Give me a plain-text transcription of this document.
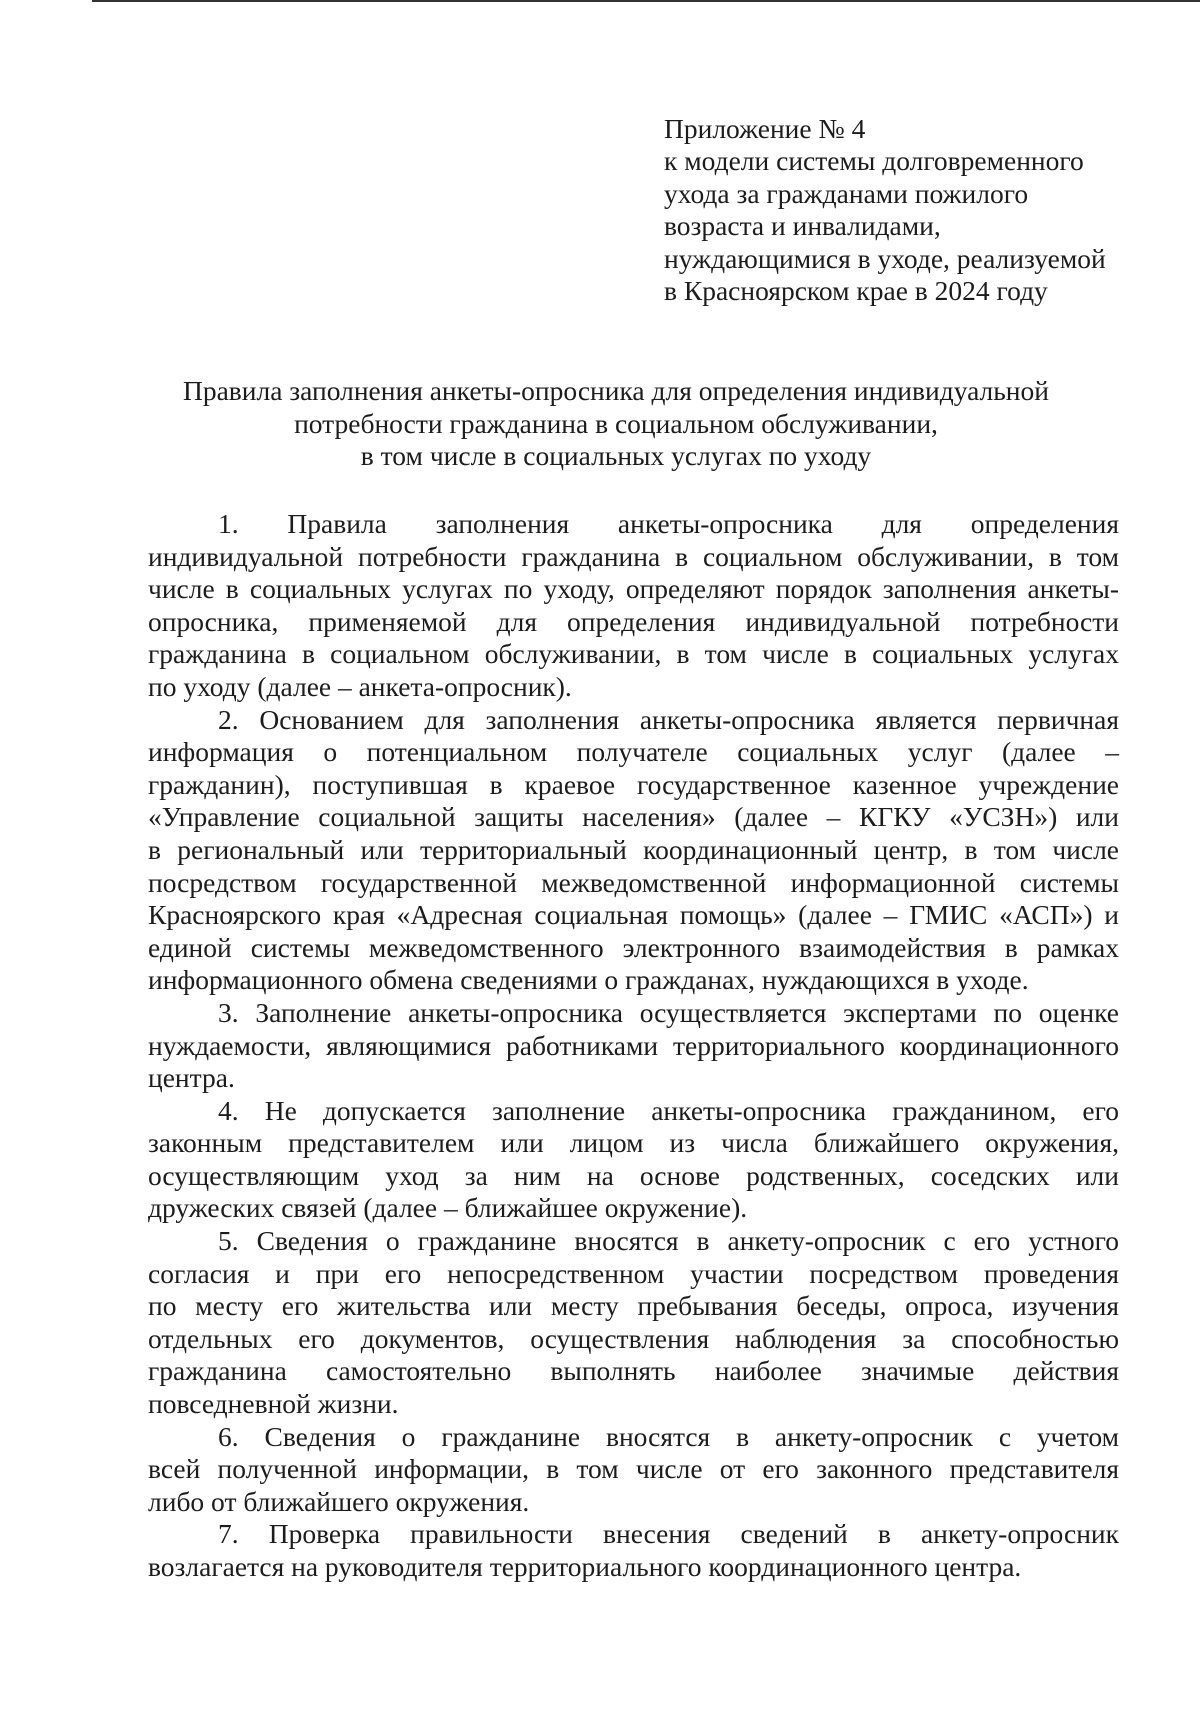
Приложение № 4
к модели системы долговременного
ухода за гражданами пожилого
возраста и инвалидами,
нуждающимися в уходе, реализуемой
в Красноярском крае в 2024 году
Правила заполнения анкеты-опросника для определения индивидуальной
потребности гражданина в социальном обслуживании,
в том числе в социальных услугах по уходу

1. Правила заполнения анкеты-опросника для определения
индивидуальной потребности гражданина в социальном обслуживании, в том
числе в социальных услугах по уходу, определяют порядок заполнения анкеты-
опросника, применяемой для определения индивидуальной потребности
гражданина в социальном обслуживании, в том числе в социальных услугах
по уходу (далее – анкета-опросник).

2. Основанием для заполнения анкеты-опросника является первичная
информация о потенциальном получателе социальных услуг (далее –
гражданин), поступившая в краевое государственное казенное учреждение
«Управление социальной защиты населения» (далее – КГКУ «УСЗН») или
в региональный или территориальный координационный центр, в том числе
посредством государственной межведомственной информационной системы
Красноярского края «Адресная социальная помощь» (далее – ГМИС «АСП») и
единой системы межведомственного электронного взаимодействия в рамках
информационного обмена сведениями о гражданах, нуждающихся в уходе.

3. Заполнение анкеты-опросника осуществляется экспертами по оценке
нуждаемости, являющимися работниками территориального координационного
центра.

4. Не допускается заполнение анкеты-опросника гражданином, его
законным представителем или лицом из числа ближайшего окружения,
осуществляющим уход за ним на основе родственных, соседских или
дружеских связей (далее – ближайшее окружение).

5. Сведения о гражданине вносятся в анкету-опросник с его устного
согласия и при его непосредственном участии посредством проведения
по месту его жительства или месту пребывания беседы, опроса, изучения
отдельных его документов, осуществления наблюдения за способностью
гражданина самостоятельно выполнять наиболее значимые действия
повседневной жизни.

6. Сведения о гражданине вносятся в анкету-опросник с учетом
всей полученной информации, в том числе от его законного представителя
либо от ближайшего окружения.

7. Проверка правильности внесения сведений в анкету-опросник
возлагается на руководителя территориального координационного центра.
